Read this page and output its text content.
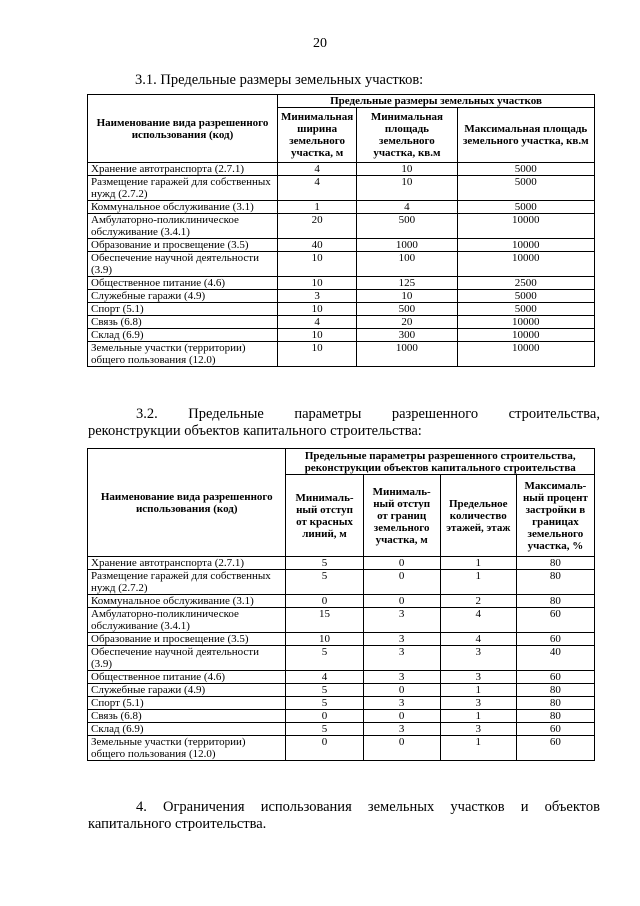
20
3.1. Предельные размеры земельных участков:
Наименование вида разрешенного использования (код)	Предельные размеры земельных участков		
	Минимальная ширина земельного участка, м	Минимальная площадь земельного участка, кв.м	Максимальная площадь земельного участка, кв.м
Хранение автотранспорта (2.7.1)	4	10	5000
Размещение гаражей для собственных нужд (2.7.2)	4	10	5000
Коммунальное обслуживание (3.1)	1	4	5000
Амбулаторно-поликлиническое обслуживание (3.4.1)	20	500	10000
Образование и просвещение (3.5)	40	1000	10000
Обеспечение научной деятельности (3.9)	10	100	10000
Общественное питание (4.6)	10	125	2500
Служебные гаражи (4.9)	3	10	5000
Спорт (5.1)	10	500	5000
Связь (6.8)	4	20	10000
Склад (6.9)	10	300	10000
Земельные участки (территории) общего пользования (12.0)	10	1000	10000
3.2. Предельные параметры разрешенного строительства,
реконструкции объектов капитального строительства:
Наименование вида разрешенного использования (код)	Предельные параметры разрешенного строительства, реконструкции объектов капитального строительства			
	Минималь-ный отступ от красных линий, м	Минималь-ный отступ от границ земельного участка, м	Предельное количество этажей, этаж	Максималь-ный процент застройки в границах земельного участка, %
Хранение автотранспорта (2.7.1)	5	0	1	80
Размещение гаражей для собственных нужд (2.7.2)	5	0	1	80
Коммунальное обслуживание (3.1)	0	0	2	80
Амбулаторно-поликлиническое обслуживание (3.4.1)	15	3	4	60
Образование и просвещение (3.5)	10	3	4	60
Обеспечение научной деятельности (3.9)	5	3	3	40
Общественное питание (4.6)	4	3	3	60
Служебные гаражи (4.9)	5	0	1	80
Спорт (5.1)	5	3	3	80
Связь (6.8)	0	0	1	80
Склад (6.9)	5	3	3	60
Земельные участки (территории) общего пользования (12.0)	0	0	1	60
4. Ограничения использования земельных участков и объектов
капитального строительства.
